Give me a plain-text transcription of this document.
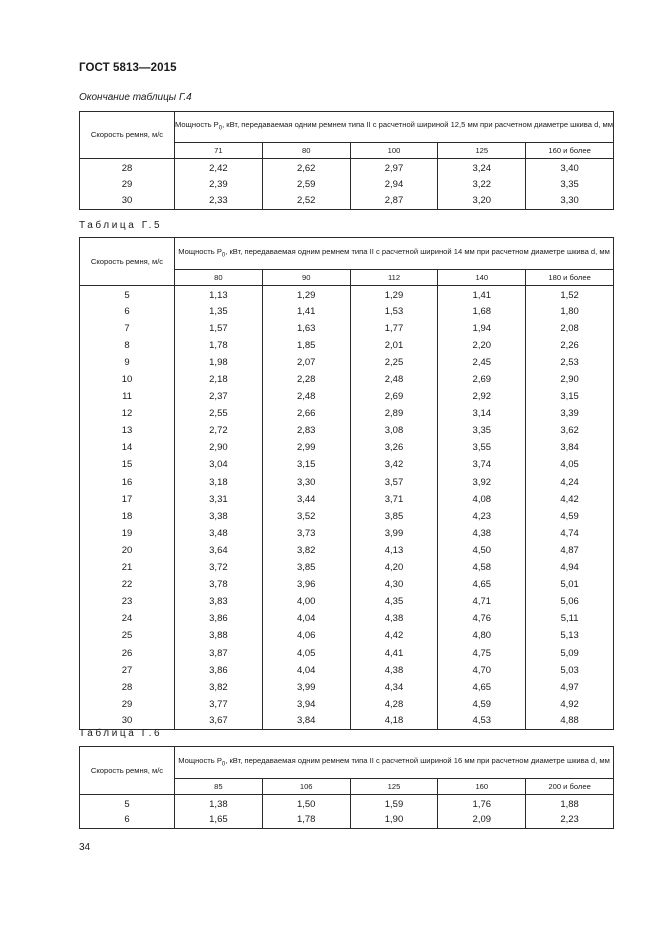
ГОСТ 5813—2015
Окончание таблицы Г.4
Скорость ремня, м/с	Мощность $P_0$, кВт, передаваемая одним ремнем типа II с расчетной шириной 12,5 мм при расчетном диаметре шкива d, мм				
	71	80	100	125	160 и более
28	2,42	2,62	2,97	3,24	3,40
29	2,39	2,59	2,94	3,22	3,35
30	2,33	2,52	2,87	3,20	3,30
Таблица Г.5
Скорость ремня, м/с	Мощность $P_0$, кВт, передаваемая одним ремнем типа II с расчетной шириной 14 мм при расчетном диаметре шкива d, мм				
	80	90	112	140	180 и более
5	1,13	1,29	1,29	1,41	1,52
6	1,35	1,41	1,53	1,68	1,80
7	1,57	1,63	1,77	1,94	2,08
8	1,78	1,85	2,01	2,20	2,26
9	1,98	2,07	2,25	2,45	2,53
10	2,18	2,28	2,48	2,69	2,90
11	2,37	2,48	2,69	2,92	3,15
12	2,55	2,66	2,89	3,14	3,39
13	2,72	2,83	3,08	3,35	3,62
14	2,90	2,99	3,26	3,55	3,84
15	3,04	3,15	3,42	3,74	4,05
16	3,18	3,30	3,57	3,92	4,24
17	3,31	3,44	3,71	4,08	4,42
18	3,38	3,52	3,85	4,23	4,59
19	3,48	3,73	3,99	4,38	4,74
20	3,64	3,82	4,13	4,50	4,87
21	3,72	3,85	4,20	4,58	4,94
22	3,78	3,96	4,30	4,65	5,01
23	3,83	4,00	4,35	4,71	5,06
24	3,86	4,04	4,38	4,76	5,11
25	3,88	4,06	4,42	4,80	5,13
26	3,87	4,05	4,41	4,75	5,09
27	3,86	4,04	4,38	4,70	5,03
28	3,82	3,99	4,34	4,65	4,97
29	3,77	3,94	4,28	4,59	4,92
30	3,67	3,84	4,18	4,53	4,88
Таблица Г.6
Скорость ремня, м/с	Мощность $P_0$, кВт, передаваемая одним ремнем типа II с расчетной шириной 16 мм при расчетном диаметре шкива d, мм				
	85	106	125	160	200 и более
5	1,38	1,50	1,59	1,76	1,88
6	1,65	1,78	1,90	2,09	2,23
34
